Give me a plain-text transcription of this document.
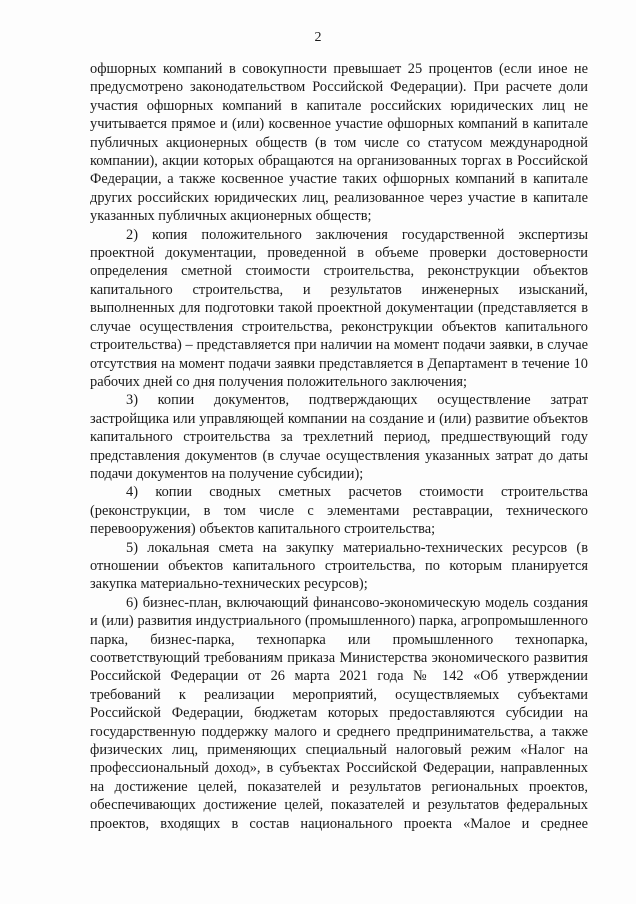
2

офшорных компаний в совокупности превышает 25 процентов (если иное не предусмотрено законодательством Российской Федерации). При расчете доли участия офшорных компаний в капитале российских юридических лиц не учитывается прямое и (или) косвенное участие офшорных компаний в капитале публичных акционерных обществ (в том числе со статусом международной компании), акции которых обращаются на организованных торгах в Российской Федерации, а также косвенное участие таких офшорных компаний в капитале других российских юридических лиц, реализованное через участие в капитале указанных публичных акционерных обществ;

2) копия положительного заключения государственной экспертизы проектной документации, проведенной в объеме проверки достоверности определения сметной стоимости строительства, реконструкции объектов капитального строительства, и результатов инженерных изысканий, выполненных для подготовки такой проектной документации (представляется в случае осуществления строительства, реконструкции объектов капитального строительства) – представляется при наличии на момент подачи заявки, в случае отсутствия на момент подачи заявки представляется в Департамент в течение 10 рабочих дней со дня получения положительного заключения;

3) копии документов, подтверждающих осуществление затрат застройщика или управляющей компании на создание и (или) развитие объектов капитального строительства за трехлетний период, предшествующий году представления документов (в случае осуществления указанных затрат до даты подачи документов на получение субсидии);

4) копии сводных сметных расчетов стоимости строительства (реконструкции, в том числе с элементами реставрации, технического перевооружения) объектов капитального строительства;

5) локальная смета на закупку материально-технических ресурсов (в отношении объектов капитального строительства, по которым планируется закупка материально-технических ресурсов);

6) бизнес-план, включающий финансово-экономическую модель создания и (или) развития индустриального (промышленного) парка, агропромышленного парка, бизнес-парка, технопарка или промышленного технопарка, соответствующий требованиям приказа Министерства экономического развития Российской Федерации от 26 марта 2021 года № 142 «Об утверждении требований к реализации мероприятий, осуществляемых субъектами Российской Федерации, бюджетам которых предоставляются субсидии на государственную поддержку малого и среднего предпринимательства, а также физических лиц, применяющих специальный налоговый режим «Налог на профессиональный доход», в субъектах Российской Федерации, направленных на достижение целей, показателей и результатов региональных проектов, обеспечивающих достижение целей, показателей и результатов федеральных проектов, входящих в состав национального проекта «Малое и среднее
